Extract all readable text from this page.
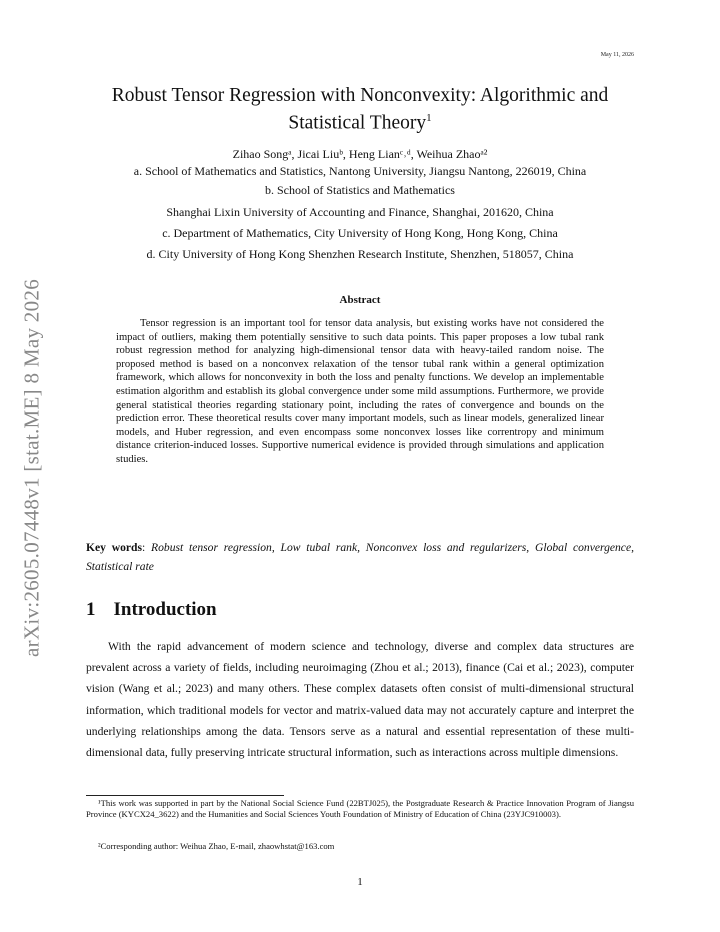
arXiv:2605.07448v1 [stat.ME] 8 May 2026
May 11, 2026
Robust Tensor Regression with Nonconvexity: Algorithmic and Statistical Theory$^1$
Zihao Songᵃ, Jicai Liuᵇ, Heng Lianᶜ˒ᵈ, Weihua Zhaoᵃ²
a. School of Mathematics and Statistics, Nantong University, Jiangsu Nantong, 226019, China
b. School of Statistics and Mathematics
Shanghai Lixin University of Accounting and Finance, Shanghai, 201620, China
c. Department of Mathematics, City University of Hong Kong, Hong Kong, China
d. City University of Hong Kong Shenzhen Research Institute, Shenzhen, 518057, China
Abstract
Tensor regression is an important tool for tensor data analysis, but existing works have not considered the impact of outliers, making them potentially sensitive to such data points. This paper proposes a low tubal rank robust regression method for analyzing high-dimensional tensor data with heavy-tailed random noise. The proposed method is based on a nonconvex relaxation of the tensor tubal rank within a general optimization framework, which allows for nonconvexity in both the loss and penalty functions. We develop an implementable estimation algorithm and establish its global convergence under some mild assumptions. Furthermore, we provide general statistical theories regarding stationary point, including the rates of convergence and bounds on the prediction error. These theoretical results cover many important models, such as linear models, generalized linear models, and Huber regression, and even encompass some nonconvex losses like correntropy and minimum distance criterion-induced losses. Supportive numerical evidence is provided through simulations and application studies.
Key words: Robust tensor regression, Low tubal rank, Nonconvex loss and regularizers, Global convergence, Statistical rate
1 Introduction
With the rapid advancement of modern science and technology, diverse and complex data structures are prevalent across a variety of fields, including neuroimaging (Zhou et al.; 2013), finance (Cai et al.; 2023), computer vision (Wang et al.; 2023) and many others. These complex datasets often consist of multi-dimensional structural information, which traditional models for vector and matrix-valued data may not accurately capture and interpret the underlying relationships among the data. Tensors serve as a natural and essential representation of these multi-dimensional data, fully preserving intricate structural information, such as interactions across multiple dimensions.
¹This work was supported in part by the National Social Science Fund (22BTJ025), the Postgraduate Research & Practice Innovation Program of Jiangsu Province (KYCX24_3622) and the Humanities and Social Sciences Youth Foundation of Ministry of Education of China (23YJC910003).
²Corresponding author: Weihua Zhao, E-mail, zhaowhstat@163.com
1
